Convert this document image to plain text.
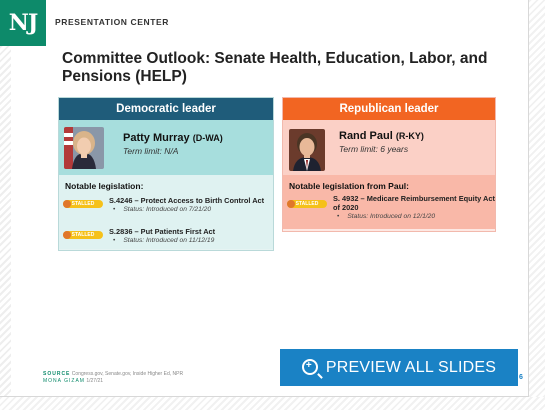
NJ	PRESENTATION CENTER
Committee Outlook: Senate Health, Education, Labor, and Pensions (HELP)
Democratic leader
Patty Murray (D-WA)
Term limit: N/A
Notable legislation:
STALLED	S.4246 – Protect Access to Birth Control Act
• Status: Introduced on 7/21/20
STALLED	S.2836 – Put Patients First Act
• Status: Introduced on 11/12/19
Republican leader
Rand Paul (R-KY)
Term limit: 6 years
Notable legislation from Paul:
STALLED
S. 4932 – Medicare Reimbursement Equity Act of 2020
• Status: Introduced on 12/1/20
SOURCE Congress.gov, Senate.gov, Inside Higher Ed, NPR
MONA GIZAM 1/27/21
+ PREVIEW ALL SLIDES
6
